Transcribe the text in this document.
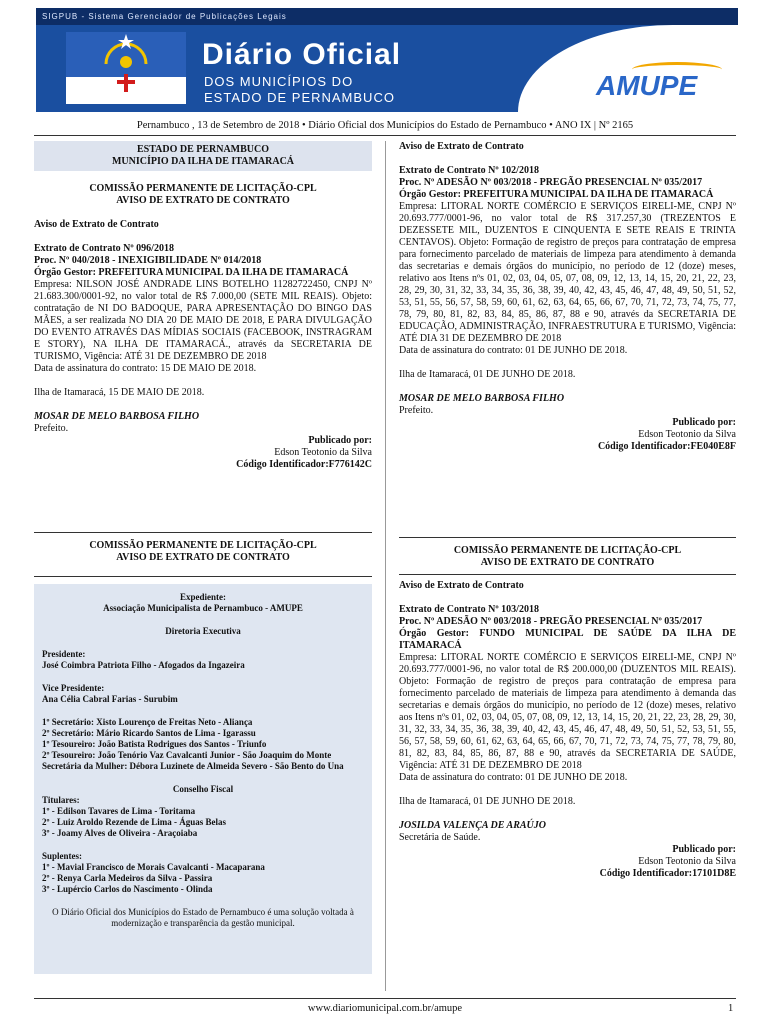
SIGPUB - Sistema Gerenciador de Publicações Legais
Diário Oficial
DOS MUNICÍPIOS DO
ESTADO DE PERNAMBUCO	AMUPE
Pernambuco , 13 de Setembro de 2018 • Diário Oficial dos Municípios do Estado de Pernambuco • ANO IX | Nº 2165

ESTADO DE PERNAMBUCO

MUNICÍPIO DA ILHA DE ITAMARACÁ

COMISSÃO PERMANENTE DE LICITAÇÃO-CPL

AVISO DE EXTRATO DE CONTRATO

Aviso de Extrato de Contrato

Extrato de Contrato Nº 096/2018

Proc. Nº 040/2018 - INEXIGIBILIDADE Nº 014/2018

Órgão Gestor: PREFEITURA MUNICIPAL DA ILHA DE ITAMARACÁ

Empresa: NILSON JOSÉ ANDRADE LINS BOTELHO 11282722450, CNPJ Nº 21.683.300/0001-92, no valor total de R$ 7.000,00 (SETE MIL REAIS). Objeto: contratação de NI DO BADOQUE, PARA APRESENTAÇÃO DO BINGO DAS MÃES, a ser realizada NO DIA 20 DE MAIO DE 2018, E PARA DIVULGAÇÃO DO EVENTO ATRAVÉS DAS MÍDIAS SOCIAIS (FACEBOOK, INSTRAGRAM E STORY), NA ILHA DE ITAMARACÁ., através da SECRETARIA DE TURISMO, Vigência: ATÉ 31 DE DEZEMBRO DE 2018

Data de assinatura do contrato: 15 DE MAIO DE 2018.

Ilha de Itamaracá, 15 DE MAIO DE 2018.

MOSAR DE MELO BARBOSA FILHO

Prefeito.

Publicado por:

Edson Teotonio da Silva

Código Identificador:F776142C

COMISSÃO PERMANENTE DE LICITAÇÃO-CPL

AVISO DE EXTRATO DE CONTRATO

Expediente:

Associação Municipalista de Pernambuco - AMUPE

Diretoria Executiva

Presidente:

José Coimbra Patriota Filho - Afogados da Ingazeira

Vice Presidente:

Ana Célia Cabral Farias - Surubim

1º Secretário: Xisto Lourenço de Freitas Neto - Aliança

2º Secretário: Mário Ricardo Santos de Lima - Igarassu

1º Tesoureiro: João Batista Rodrigues dos Santos - Triunfo

2º Tesoureiro: João Tenório Vaz Cavalcanti Junior - São Joaquim do Monte

Secretária da Mulher: Débora Luzinete de Almeida Severo - São Bento do Una

Conselho Fiscal

Titulares:

1º - Edilson Tavares de Lima - Toritama

2º - Luiz Aroldo Rezende de Lima - Águas Belas

3º - Joamy Alves de Oliveira - Araçoiaba

Suplentes:

1º - Mavial Francisco de Morais Cavalcanti - Macaparana

2º - Renya Carla Medeiros da Silva - Passira

3º - Lupércio Carlos do Nascimento - Olinda

O Diário Oficial dos Municípios do Estado de Pernambuco é uma solução voltada à modernização e transparência da gestão municipal.

Aviso de Extrato de Contrato

Extrato de Contrato Nº 102/2018

Proc. Nº ADESÃO Nº 003/2018 - PREGÃO PRESENCIAL Nº 035/2017

Órgão Gestor: PREFEITURA MUNICIPAL DA ILHA DE ITAMARACÁ

Empresa: LITORAL NORTE COMÉRCIO E SERVIÇOS EIRELI-ME, CNPJ Nº 20.693.777/0001-96, no valor total de R$ 317.257,30 (TREZENTOS E DEZESSETE MIL, DUZENTOS E CINQUENTA E SETE REAIS E TRINTA CENTAVOS). Objeto: Formação de registro de preços para contratação de empresa para fornecimento parcelado de materiais de limpeza para atendimento à demanda das secretarias e demais órgãos do município, no período de 12 (doze) meses, relativo aos Itens nºs 01, 02, 03, 04, 05, 07, 08, 09, 12, 13, 14, 15, 20, 21, 22, 23, 28, 29, 30, 31, 32, 33, 34, 35, 36, 38, 39, 40, 42, 43, 45, 46, 47, 48, 49, 50, 51, 52, 53, 51, 55, 56, 57, 58, 59, 60, 61, 62, 63, 64, 65, 66, 67, 70, 71, 72, 73, 74, 75, 77, 78, 79, 80, 81, 82, 83, 84, 85, 86, 87, 88 e 90, através da SECRETARIA DE EDUCAÇÃO, ADMINISTRAÇÃO, INFRAESTRUTURA E TURISMO, Vigência: ATÉ DIA 31 DE DEZEMBRO DE 2018

Data de assinatura do contrato: 01 DE JUNHO DE 2018.

Ilha de Itamaracá, 01 DE JUNHO DE 2018.

MOSAR DE MELO BARBOSA FILHO

Prefeito.

Publicado por:

Edson Teotonio da Silva

Código Identificador:FE040E8F

COMISSÃO PERMANENTE DE LICITAÇÃO-CPL

AVISO DE EXTRATO DE CONTRATO

Aviso de Extrato de Contrato

Extrato de Contrato Nº 103/2018

Proc. Nº ADESÃO Nº 003/2018 - PREGÃO PRESENCIAL Nº 035/2017

Órgão Gestor: FUNDO MUNICIPAL DE SAÚDE DA ILHA DE ITAMARACÁ

Empresa: LITORAL NORTE COMÉRCIO E SERVIÇOS EIRELI-ME, CNPJ Nº 20.693.777/0001-96, no valor total de R$ 200.000,00 (DUZENTOS MIL REAIS). Objeto: Formação de registro de preços para contratação de empresa para fornecimento parcelado de materiais de limpeza para atendimento à demanda das secretarias e demais órgãos do município, no período de 12 (doze) meses, relativo aos Itens nºs 01, 02, 03, 04, 05, 07, 08, 09, 12, 13, 14, 15, 20, 21, 22, 23, 28, 29, 30, 31, 32, 33, 34, 35, 36, 38, 39, 40, 42, 43, 45, 46, 47, 48, 49, 50, 51, 52, 53, 51, 55, 56, 57, 58, 59, 60, 61, 62, 63, 64, 65, 66, 67, 70, 71, 72, 73, 74, 75, 77, 78, 79, 80, 81, 82, 83, 84, 85, 86, 87, 88 e 90, através da SECRETARIA DE SAÚDE, Vigência: ATÉ 31 DE DEZEMBRO DE 2018

Data de assinatura do contrato: 01 DE JUNHO DE 2018.

Ilha de Itamaracá, 01 DE JUNHO DE 2018.

JOSILDA VALENÇA DE ARAÚJO

Secretária de Saúde.

Publicado por:

Edson Teotonio da Silva

Código Identificador:17101D8E

www.diariomunicipal.com.br/amupe	1
